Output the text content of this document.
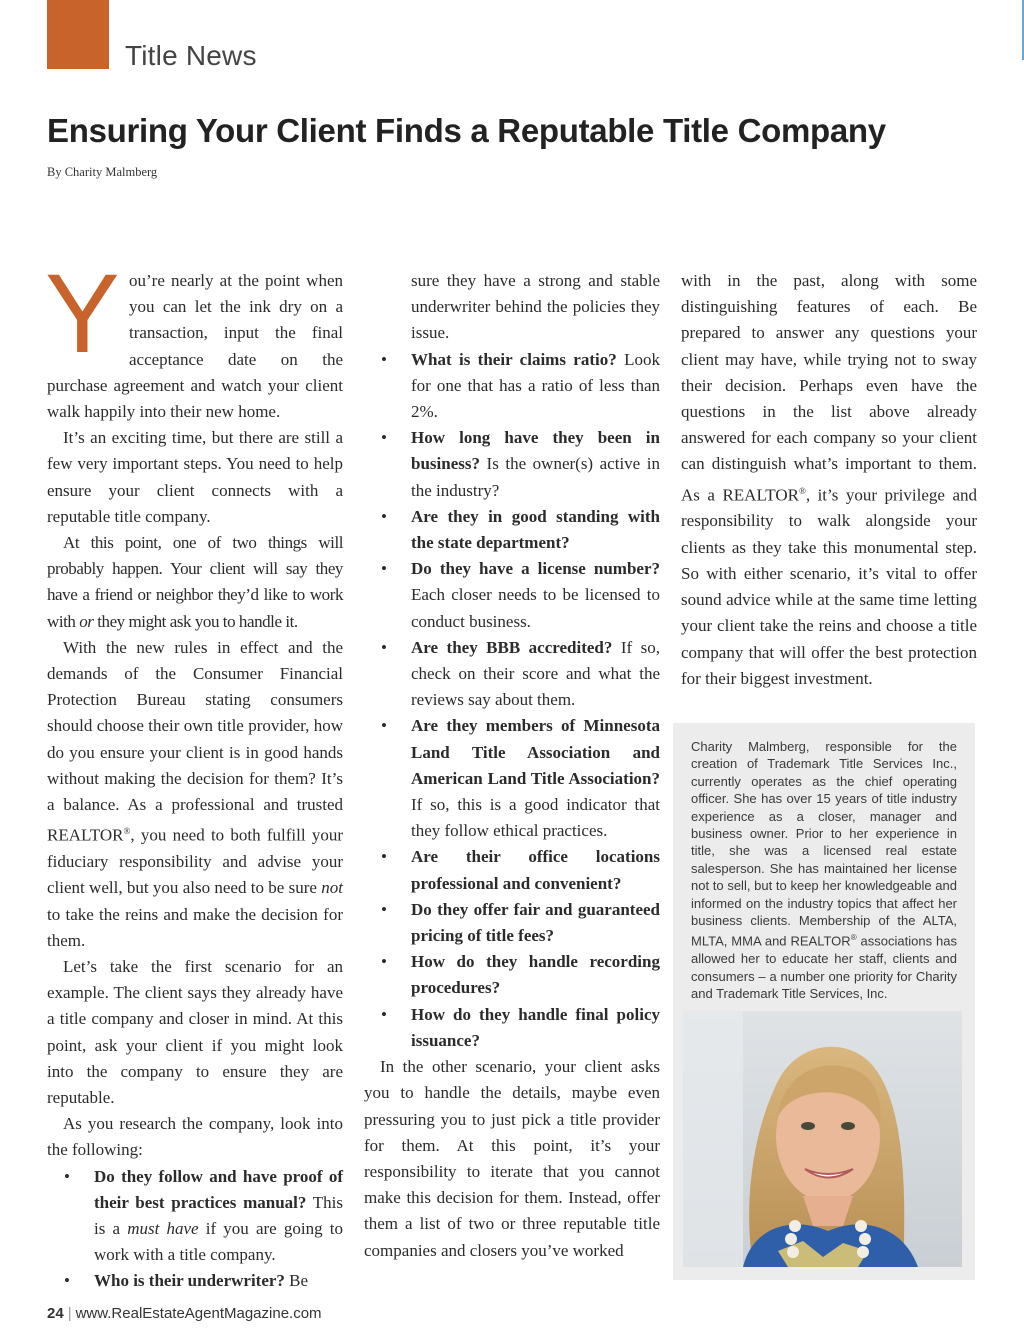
Title News
Ensuring Your Client Finds a Reputable Title Company
By Charity Malmberg

Y ou’re nearly at the point when you can let the ink dry on a transaction, input the final acceptance date on the purchase agreement and watch your client walk happily into their new home.

It’s an exciting time, but there are still a few very important steps. You need to help ensure your client connects with a reputable title company.

At this point, one of two things will probably happen. Your client will say they have a friend or neighbor they’d like to work with or they might ask you to handle it.

With the new rules in effect and the demands of the Consumer Financial Protection Bureau stating consumers should choose their own title provider, how do you ensure your client is in good hands without making the decision for them? It’s a balance. As a professional and trusted REALTOR®, you need to both fulfill your fiduciary responsibility and advise your client well, but you also need to be sure not to take the reins and make the decision for them.

Let’s take the first scenario for an example. The client says they already have a title company and closer in mind. At this point, ask your client if you might look into the company to ensure they are reputable.

As you research the company, look into the following:

• Do they follow and have proof of their best practices manual? This is a must have if you are going to work with a title company.
• Who is their underwriter? Be
sure they have a strong and stable underwriter behind the policies they issue.
• What is their claims ratio? Look for one that has a ratio of less than 2%.
• How long have they been in business? Is the owner(s) active in the industry?
• Are they in good standing with the state department?
• Do they have a license number? Each closer needs to be licensed to conduct business.
• Are they BBB accredited? If so, check on their score and what the reviews say about them.
• Are they members of Minnesota Land Title Association and American Land Title Association? If so, this is a good indicator that they follow ethical practices.
• Are their office locations professional and convenient?
• Do they offer fair and guaranteed pricing of title fees?
• How do they handle recording procedures?
• How do they handle final policy issuance?

In the other scenario, your client asks you to handle the details, maybe even pressuring you to just pick a title provider for them. At this point, it’s your responsibility to iterate that you cannot make this decision for them. Instead, offer them a list of two or three reputable title companies and closers you’ve worked

with in the past, along with some distinguishing features of each. Be prepared to answer any questions your client may have, while trying not to sway their decision. Perhaps even have the questions in the list above already answered for each company so your client can distinguish what’s important to them. As a REALTOR®, it’s your privilege and responsibility to walk alongside your clients as they take this monumental step. So with either scenario, it’s vital to offer sound advice while at the same time letting your client take the reins and choose a title company that will offer the best protection for their biggest investment.

Charity Malmberg, responsible for the creation of Trademark Title Services Inc., currently operates as the chief operating officer. She has over 15 years of title industry experience as a closer, manager and business owner. Prior to her experience in title, she was a licensed real estate salesperson. She has maintained her license not to sell, but to keep her knowledgeable and informed on the industry topics that affect her business clients. Membership of the ALTA, MLTA, MMA and REALTOR® associations has allowed her to educate her staff, clients and consumers – a number one priority for Charity and Trademark Title Services, Inc.
24 | www.RealEstateAgentMagazine.com
